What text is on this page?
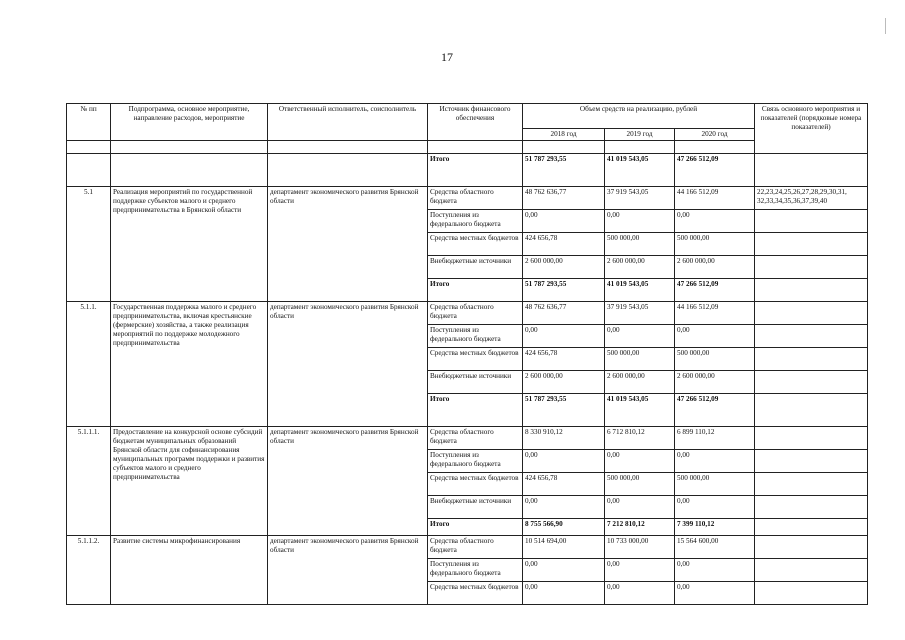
17
№ пп	Подпрограмма, основное мероприятие, направление расходов, мероприятие	Ответственный исполнитель, соисполнитель	Источник финансового обеспечения	Объем средств на реализацию, рублей			Связь основного мероприятия и показателей (порядковые номера показателей)
				2018 год	2019 год	2020 год	

			Итого	51 787 293,55	41 019 543,05	47 266 512,09	
5.1	Реализация мероприятий по государственной поддержке субъектов малого и среднего предпринимательства в Брянской области	департамент экономического развития Брянской области	Средства областного бюджета	48 762 636,77	37 919 543,05	44 166 512,09	22,23,24,25,26,27,28,29,30,31, 32,33,34,35,36,37,39,40
			Поступления из федерального бюджета	0,00	0,00	0,00	
			Средства местных бюджетов	424 656,78	500 000,00	500 000,00	
			Внебюджетные источники	2 600 000,00	2 600 000,00	2 600 000,00	
			Итого	51 787 293,55	41 019 543,05	47 266 512,09	
5.1.1.	Государственная поддержка малого и среднего предпринимательства, включая крестьянские (фермерские) хозяйства, а также реализация мероприятий по поддержке молодежного предпринимательства	департамент экономического развития Брянской области	Средства областного бюджета	48 762 636,77	37 919 543,05	44 166 512,09	
			Поступления из федерального бюджета	0,00	0,00	0,00	
			Средства местных бюджетов	424 656,78	500 000,00	500 000,00	
			Внебюджетные источники	2 600 000,00	2 600 000,00	2 600 000,00	
			Итого	51 787 293,55	41 019 543,05	47 266 512,09	
5.1.1.1.	Предоставление на конкурсной основе субсидий бюджетам муниципальных образований Брянской области для софинансирования муниципальных программ поддержки и развития субъектов малого и среднего предпринимательства	департамент экономического развития Брянской области	Средства областного бюджета	8 330 910,12	6 712 810,12	6 899 110,12	
			Поступления из федерального бюджета	0,00	0,00	0,00	
			Средства местных бюджетов	424 656,78	500 000,00	500 000,00	
			Внебюджетные источники	0,00	0,00	0,00	
			Итого	8 755 566,90	7 212 810,12	7 399 110,12	
5.1.1.2.	Развитие системы микрофинансирования	департамент экономического развития Брянской области	Средства областного бюджета	10 514 694,00	10 733 000,00	15 564 600,00	
			Поступления из федерального бюджета	0,00	0,00	0,00	
			Средства местных бюджетов	0,00	0,00	0,00	
